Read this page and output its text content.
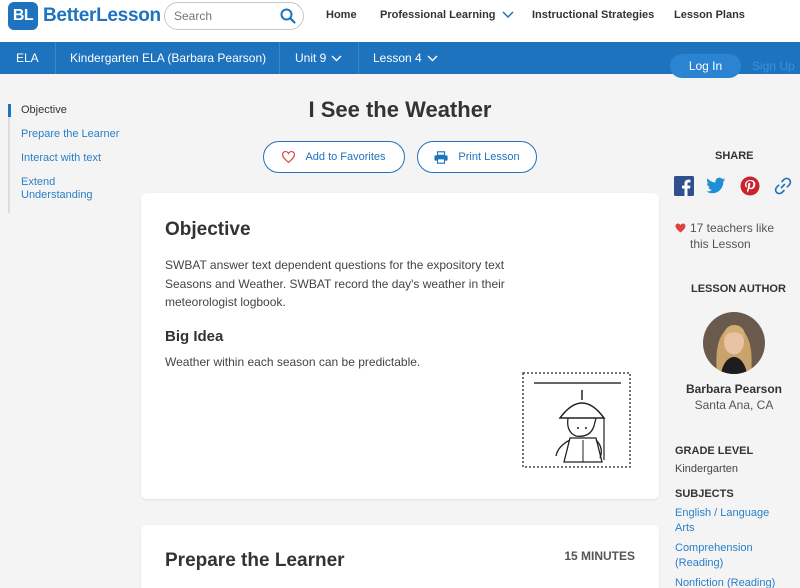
BL BetterLesson
Search	Home Professional Learning	Instructional Strategies Lesson Plans
ELA	Kindergarten ELA (Barbara Pearson) Unit 9	Lesson 4
Log In	Sign Up
Objective
Prepare the Learner
Interact with text
Extend Understanding
I See the Weather
Add to Favorites	Print Lesson
Objective
SWBAT answer text dependent questions for the expository text Seasons and Weather. SWBAT record the day's weather in their meteorologist logbook.
Big Idea
Weather within each season can be predictable.
Prepare the Learner	15 MINUTES
SHARE
17 teachers like this Lesson
LESSON AUTHOR
Barbara Pearson
Santa Ana, CA
GRADE LEVEL
Kindergarten
SUBJECTS
English / Language Arts
Comprehension (Reading)
Nonfiction (Reading)
